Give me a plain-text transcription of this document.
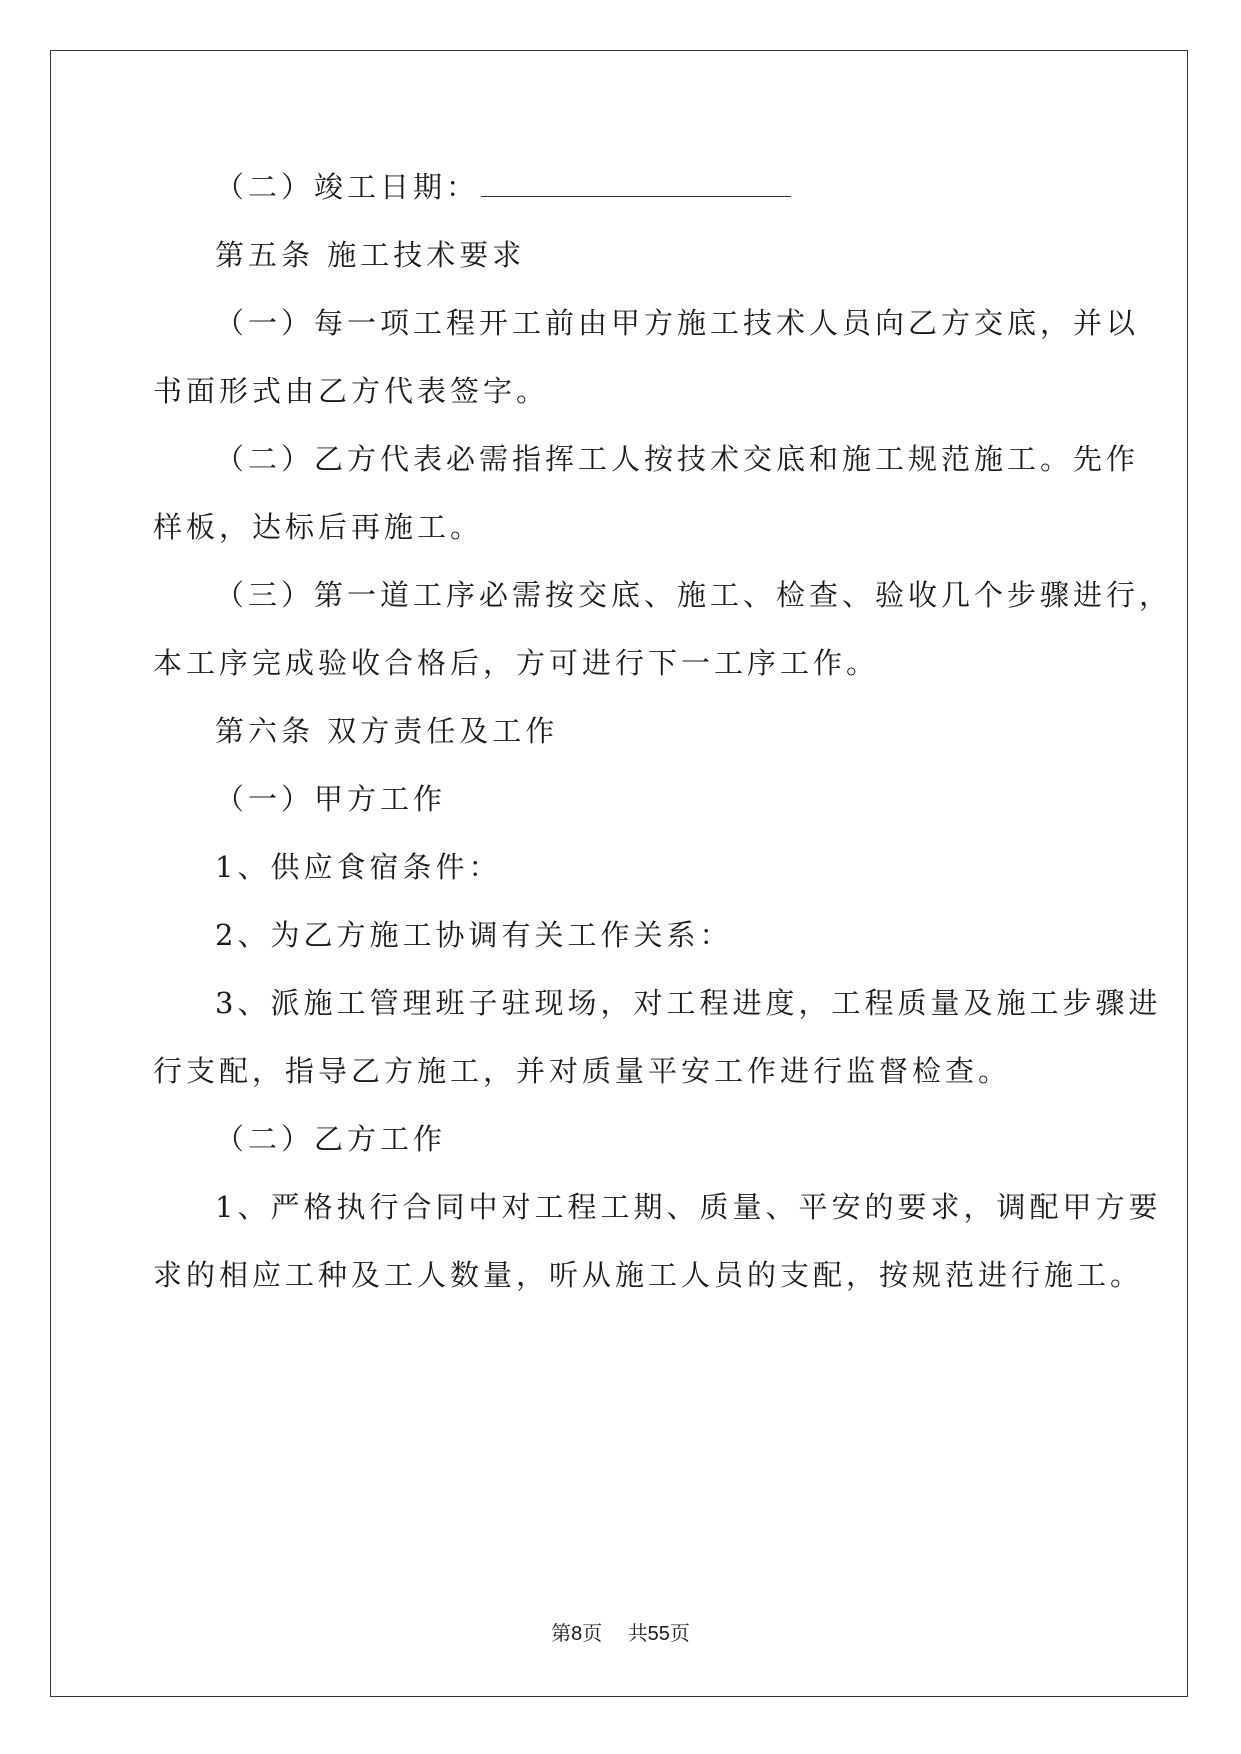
（二）竣工日期：
第五条 施工技术要求
（一）每一项工程开工前由甲方施工技术人员向乙方交底，并以
书面形式由乙方代表签字。
（二）乙方代表必需指挥工人按技术交底和施工规范施工。先作
样板，达标后再施工。
（三）第一道工序必需按交底、施工、检查、验收几个步骤进行，
本工序完成验收合格后，方可进行下一工序工作。
第六条 双方责任及工作
（一）甲方工作
1、供应食宿条件：
2、为乙方施工协调有关工作关系：
3、派施工管理班子驻现场，对工程进度，工程质量及施工步骤进
行支配，指导乙方施工，并对质量平安工作进行监督检查。
（二）乙方工作
1、严格执行合同中对工程工期、质量、平安的要求，调配甲方要
求的相应工种及工人数量，听从施工人员的支配，按规范进行施工。
第8页 共55页
